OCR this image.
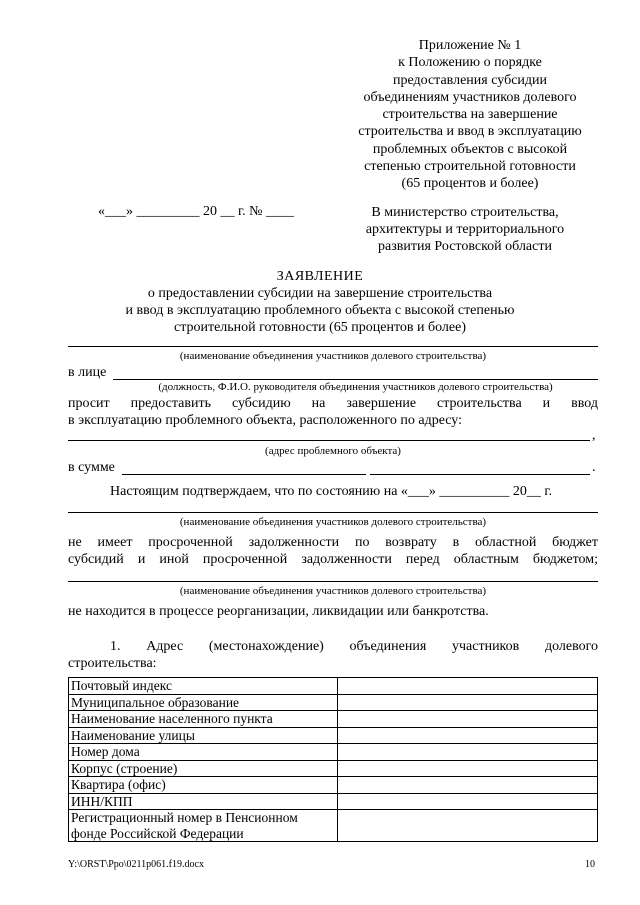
Приложение № 1
к Положению о порядке
предоставления субсидии
объединениям участников долевого
строительства на завершение
строительства и ввод в эксплуатацию
проблемных объектов с высокой
степенью строительной готовности
(65 процентов и более)
«___» _________ 20 __ г. № ____	В министерство строительства,
архитектуры и территориального
развития Ростовской области
ЗАЯВЛЕНИЕ
о предоставлении субсидии на завершение строительства
и ввод в эксплуатацию проблемного объекта с высокой степенью
строительной готовности (65 процентов и более)
(наименование объединения участников долевого строительства)
в лице
(должность, Ф.И.О. руководителя объединения участников долевого строительства)
просит предоставить субсидию на завершение строительства и ввод
в эксплуатацию проблемного объекта, расположенного по адресу:
,
(адрес проблемного объекта)
в сумме	.
Настоящим подтверждаем, что по состоянию на «___» __________ 20__ г.
(наименование объединения участников долевого строительства)
не имеет просроченной задолженности по возврату в областной бюджет
субсидий и иной просроченной задолженности перед областным бюджетом;
(наименование объединения участников долевого строительства)
не находится в процессе реорганизации, ликвидации или банкротства.
1. Адрес (местонахождение) объединения участников долевого
строительства:
Почтовый индекс	
Муниципальное образование	
Наименование населенного пункта	
Наименование улицы	
Номер дома	
Корпус (строение)	
Квартира (офис)	
ИНН/КПП	
Регистрационный номер в Пенсионном фонде Российской Федерации	
Y:\ORST\Ppo\0211p061.f19.docx	10
